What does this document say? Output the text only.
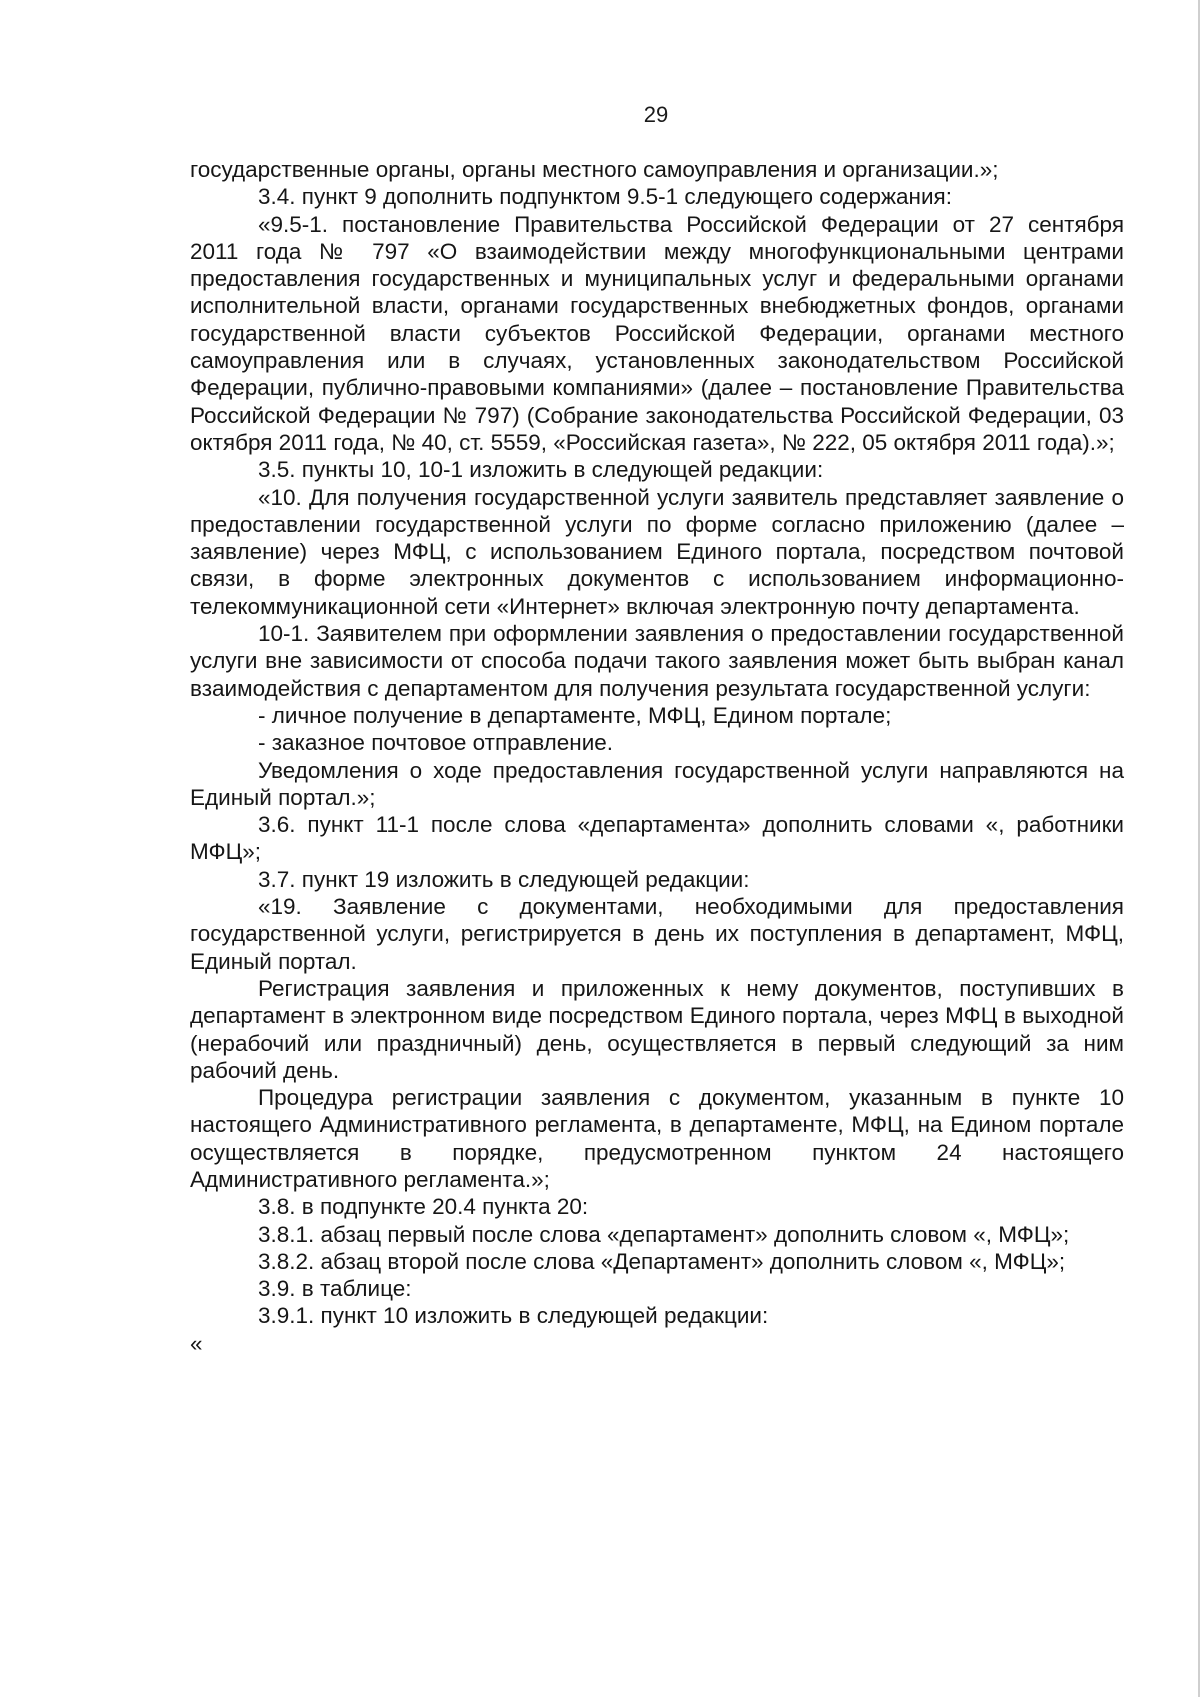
29

государственные органы, органы местного самоуправления и организации.»;

3.4. пункт 9 дополнить подпунктом 9.5-1 следующего содержания:

«9.5-1. постановление Правительства Российской Федерации от 27 сентября 2011 года № 797 «О взаимодействии между многофункциональными центрами предоставления государственных и муниципальных услуг и федеральными органами исполнительной власти, органами государственных внебюджетных фондов, органами государственной власти субъектов Российской Федерации, органами местного самоуправления или в случаях, установленных законодательством Российской Федерации, публично-правовыми компаниями» (далее – постановление Правительства Российской Федерации № 797) (Собрание законодательства Российской Федерации, 03 октября 2011 года, № 40, ст. 5559, «Российская газета», № 222, 05 октября 2011 года).»;

3.5. пункты 10, 10-1 изложить в следующей редакции:

«10. Для получения государственной услуги заявитель представляет заявление о предоставлении государственной услуги по форме согласно приложению (далее – заявление) через МФЦ, с использованием Единого портала, посредством почтовой связи, в форме электронных документов с использованием информационно-телекоммуникационной сети «Интернет» включая электронную почту департамента.

10-1. Заявителем при оформлении заявления о предоставлении государственной услуги вне зависимости от способа подачи такого заявления может быть выбран канал взаимодействия с департаментом для получения результата государственной услуги:

- личное получение в департаменте, МФЦ, Едином портале;

- заказное почтовое отправление.

Уведомления о ходе предоставления государственной услуги направляются на Единый портал.»;

3.6. пункт 11-1 после слова «департамента» дополнить словами «, работники МФЦ»;

3.7. пункт 19 изложить в следующей редакции:

«19. Заявление с документами, необходимыми для предоставления государственной услуги, регистрируется в день их поступления в департамент, МФЦ, Единый портал.

Регистрация заявления и приложенных к нему документов, поступивших в департамент в электронном виде посредством Единого портала, через МФЦ в выходной (нерабочий или праздничный) день, осуществляется в первый следующий за ним рабочий день.

Процедура регистрации заявления с документом, указанным в пункте 10 настоящего Административного регламента, в департаменте, МФЦ, на Едином портале осуществляется в порядке, предусмотренном пунктом 24 настоящего Административного регламента.»;

3.8. в подпункте 20.4 пункта 20:

3.8.1. абзац первый после слова «департамент» дополнить словом «, МФЦ»;

3.8.2. абзац второй после слова «Департамент» дополнить словом «, МФЦ»;

3.9. в таблице:

3.9.1. пункт 10 изложить в следующей редакции:

«
